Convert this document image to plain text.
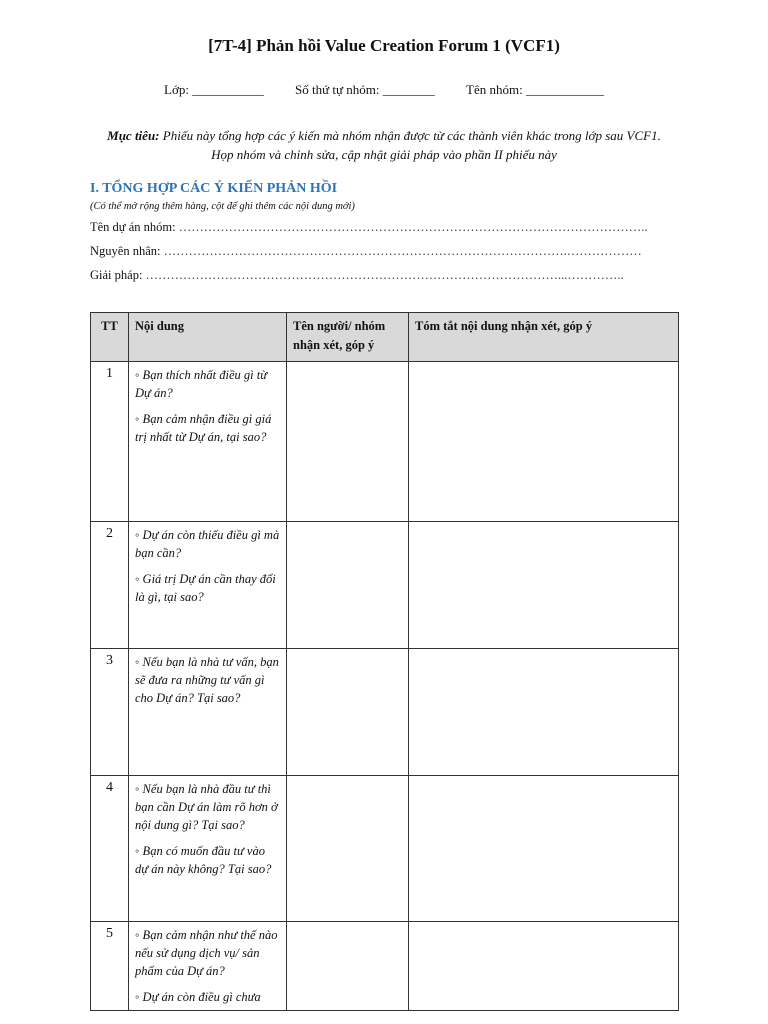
[7T-4] Phản hồi Value Creation Forum 1 (VCF1)
Lớp: ___________ Số thứ tự nhóm: ________ Tên nhóm: ____________
Mục tiêu: Phiếu này tổng hợp các ý kiến mà nhóm nhận được từ các thành viên khác trong lớp sau VCF1.
Họp nhóm và chỉnh sửa, cập nhật giải pháp vào phần II phiếu này
I. TỔNG HỢP CÁC Ý KIẾN PHẢN HỒI
(Có thể mở rộng thêm hàng, cột để ghi thêm các nội dung mới)
Tên dự án nhóm: …………………………………………………………………………………………………..
Nguyên nhân: …………………………………………………………………………………….………………
Giải pháp: ………………………………………………………………………………………...…………..
TT	Nội dung	Tên người/ nhóm nhận xét, góp ý	Tóm tắt nội dung nhận xét, góp ý
1	◦ Bạn thích nhất điều gì từ Dự án?
◦ Bạn cảm nhận điều gì giá trị nhất từ Dự án, tại sao?		

2	◦ Dự án còn thiếu điều gì mà bạn cần?
◦ Giá trị Dự án cần thay đổi là gì, tại sao?		

3	◦ Nếu bạn là nhà tư vấn, bạn sẽ đưa ra những tư vấn gì cho Dự án? Tại sao?		

4	◦ Nếu bạn là nhà đầu tư thì bạn cần Dự án làm rõ hơn ở nội dung gì? Tại sao?
◦ Bạn có muốn đầu tư vào dự án này không? Tại sao?		

5	◦ Bạn cảm nhận như thế nào nếu sử dụng dịch vụ/ sản phẩm của Dự án?
◦ Dự án còn điều gì chưa		
